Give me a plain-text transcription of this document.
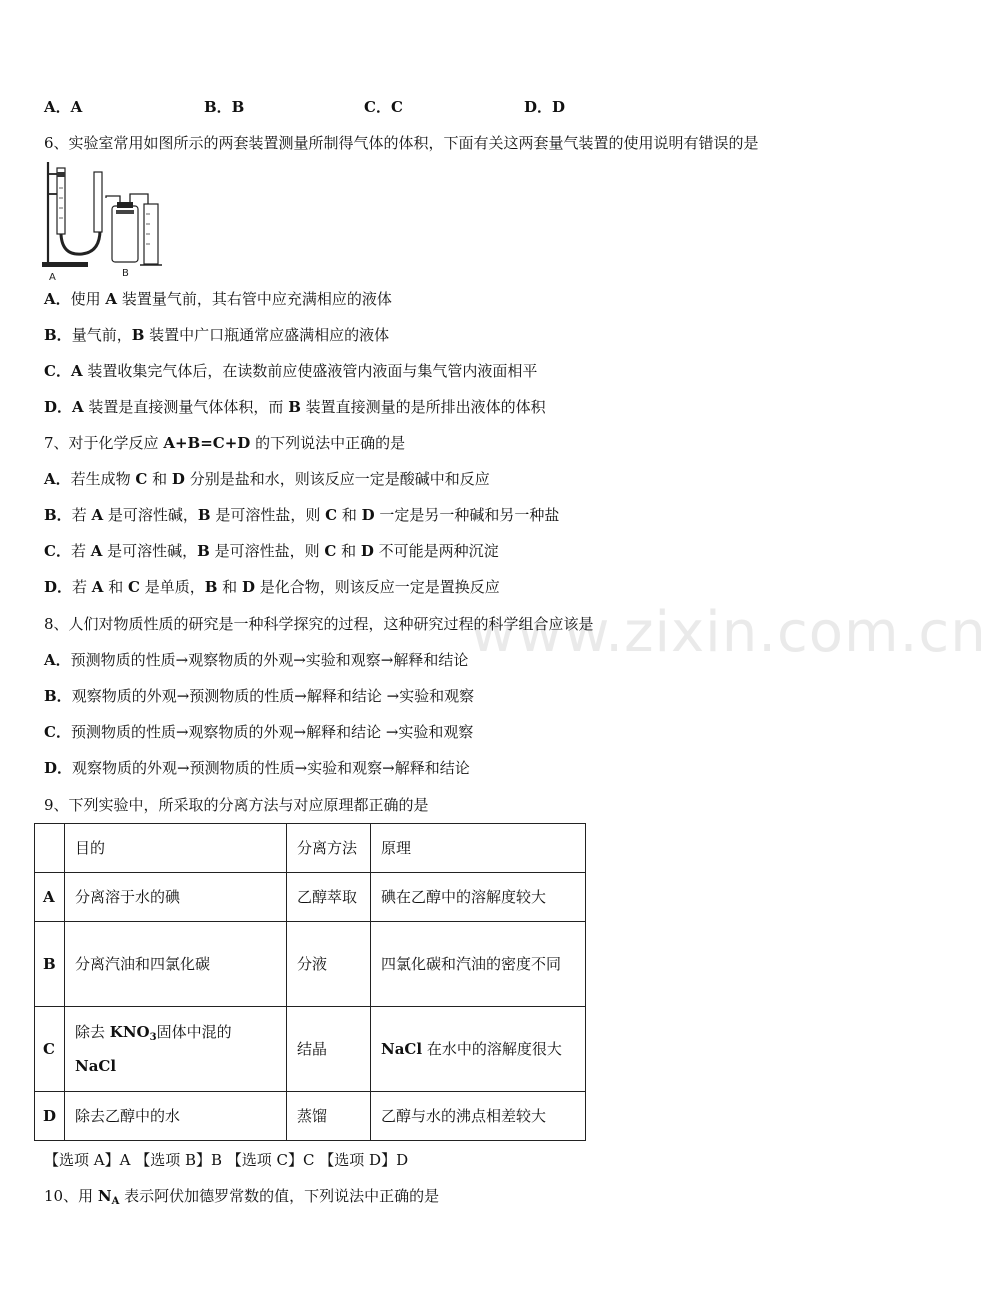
A．A	B．B	C．C	D．D
6、实验室常用如图所示的两套装置测量所制得气体的体积，下面有关这两套量气装置的使用说明有错误的是
A	B
A．使用 A 装置量气前，其右管中应充满相应的液体
B．量气前，B 装置中广口瓶通常应盛满相应的液体
C．A 装置收集完气体后，在读数前应使盛液管内液面与集气管内液面相平
D．A 装置是直接测量气体体积，而 B 装置直接测量的是所排出液体的体积
7、对于化学反应 A+B=C+D 的下列说法中正确的是
A．若生成物 C 和 D 分别是盐和水，则该反应一定是酸碱中和反应
B．若 A 是可溶性碱，B 是可溶性盐，则 C 和 D 一定是另一种碱和另一种盐
C．若 A 是可溶性碱，B 是可溶性盐，则 C 和 D 不可能是两种沉淀
D．若 A 和 C 是单质，B 和 D 是化合物，则该反应一定是置换反应
www.zixin.com.cn
8、人们对物质性质的研究是一种科学探究的过程，这种研究过程的科学组合应该是
A．预测物质的性质→观察物质的外观→实验和观察→解释和结论
B．观察物质的外观→预测物质的性质→解释和结论 →实验和观察
C．预测物质的性质→观察物质的外观→解释和结论 →实验和观察
D．观察物质的外观→预测物质的性质→实验和观察→解释和结论
9、下列实验中，所采取的分离方法与对应原理都正确的是
	目的	分离方法	原理
A	分离溶于水的碘	乙醇萃取	碘在乙醇中的溶解度较大
B	分离汽油和四氯化碳	分液	四氯化碳和汽油的密度不同
C	除去 $KNO_3$固体中混的 NaCl	结晶	NaCl 在水中的溶解度很大
D	除去乙醇中的水	蒸馏	乙醇与水的沸点相差较大
【选项 A】A 【选项 B】B 【选项 C】C 【选项 D】D
10、用 $N_A$ 表示阿伏加德罗常数的值，下列说法中正确的是
